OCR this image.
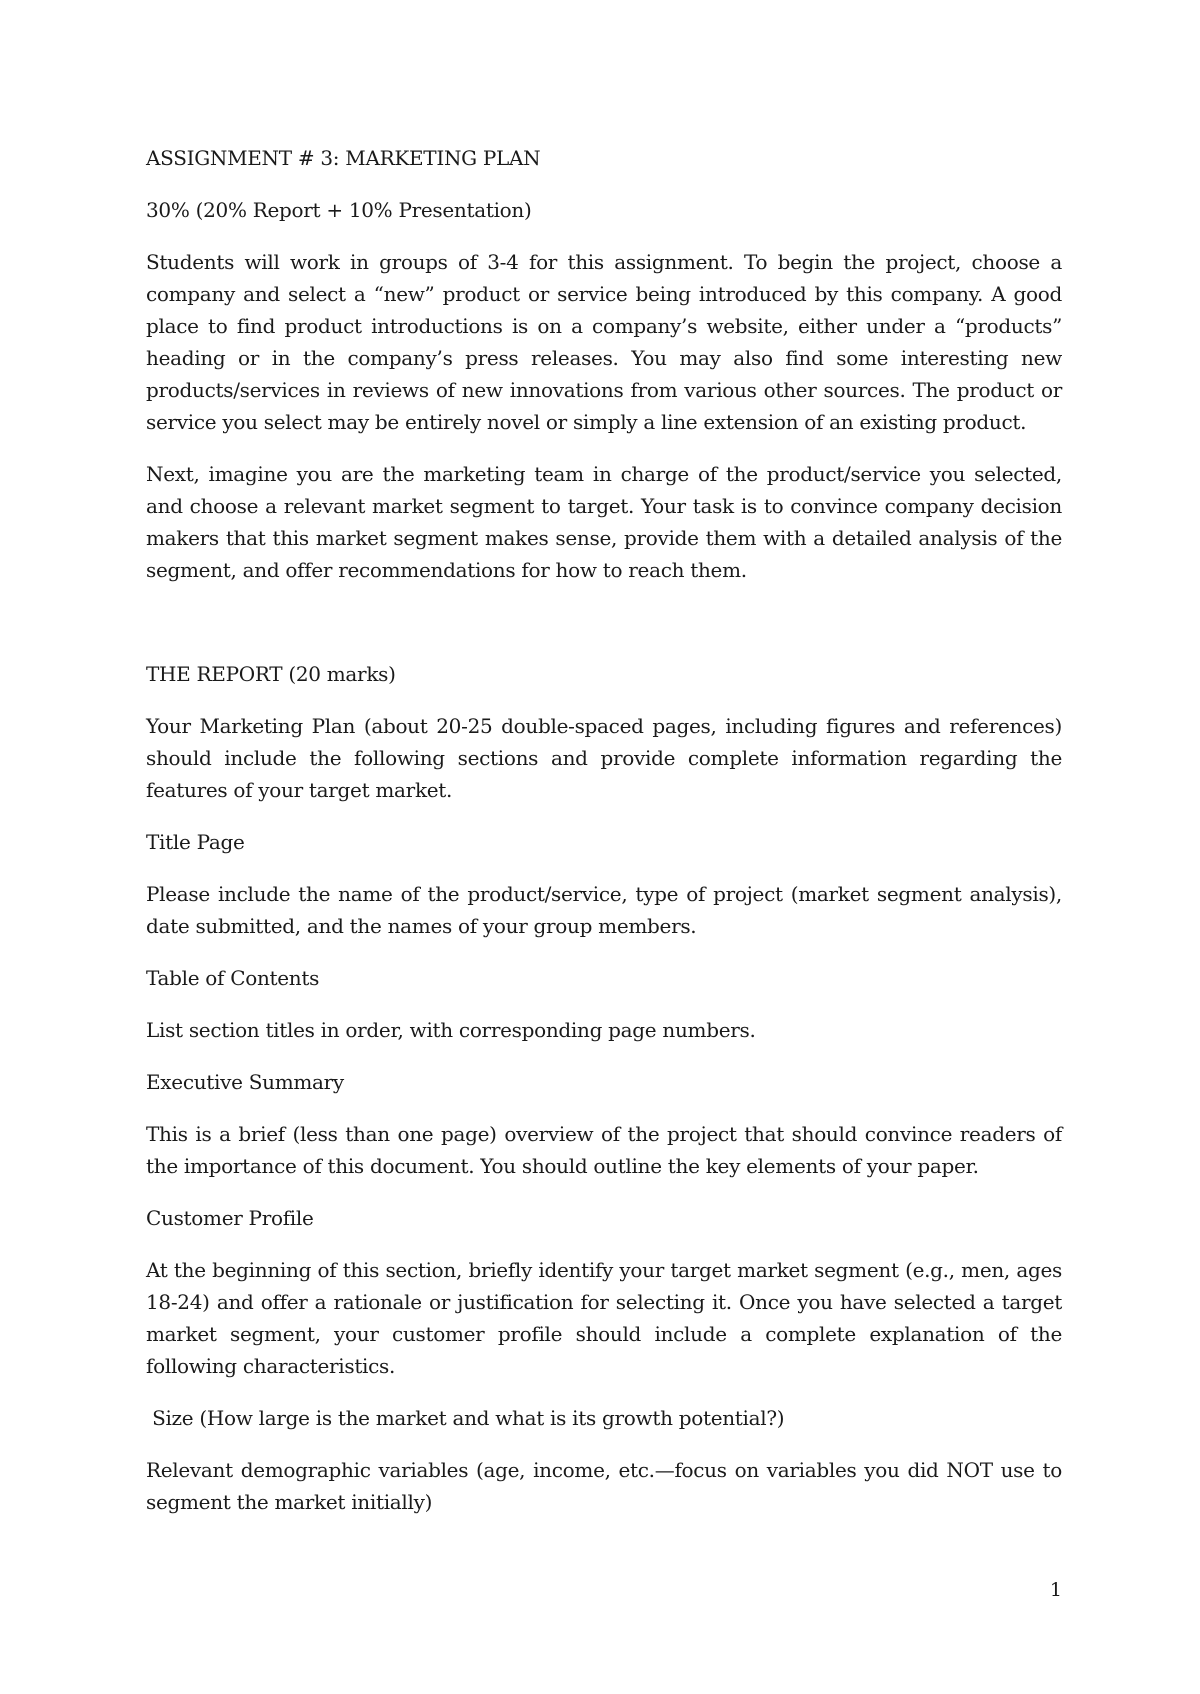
ASSIGNMENT # 3: MARKETING PLAN

30% (20% Report + 10% Presentation)

Students will work in groups of 3-4 for this assignment. To begin the project, choose a company and select a “new” product or service being introduced by this company. A good place to find product introductions is on a company’s website, either under a “products” heading or in the company’s press releases. You may also find some interesting new products/services in reviews of new innovations from various other sources. The product or service you select may be entirely novel or simply a line extension of an existing product.

Next, imagine you are the marketing team in charge of the product/service you selected, and choose a relevant market segment to target. Your task is to convince company decision makers that this market segment makes sense, provide them with a detailed analysis of the segment, and offer recommendations for how to reach them.

THE REPORT (20 marks)

Your Marketing Plan (about 20-25 double-spaced pages, including figures and references) should include the following sections and provide complete information regarding the features of your target market.

Title Page

Please include the name of the product/service, type of project (market segment analysis), date submitted, and the names of your group members.

Table of Contents

List section titles in order, with corresponding page numbers.

Executive Summary

This is a brief (less than one page) overview of the project that should convince readers of the importance of this document. You should outline the key elements of your paper.

Customer Profile

At the beginning of this section, briefly identify your target market segment (e.g., men, ages 18-24) and offer a rationale or justification for selecting it. Once you have selected a target market segment, your customer profile should include a complete explanation of the following characteristics.

Size (How large is the market and what is its growth potential?)

Relevant demographic variables (age, income, etc.—focus on variables you did NOT use to segment the market initially)

1
